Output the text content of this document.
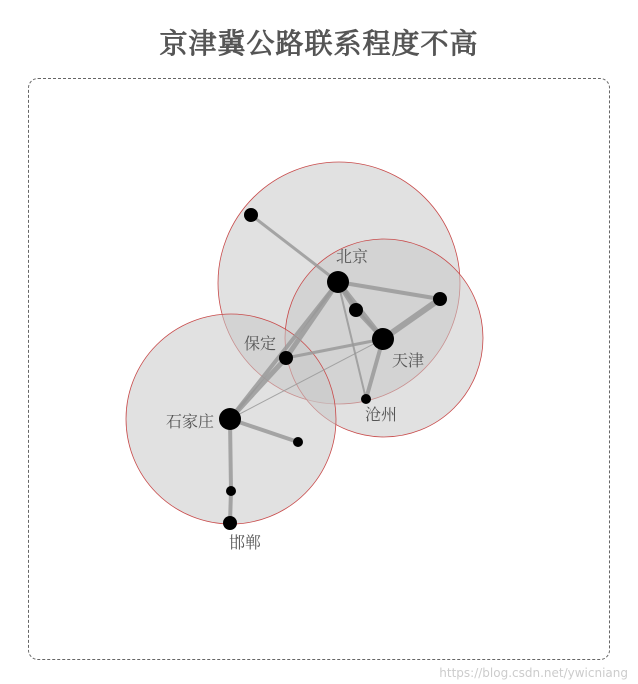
京津冀公路联系程度不高
北京
天津
保定
石家庄	沧州
邯郸
https://blog.csdn.net/ywicniang
